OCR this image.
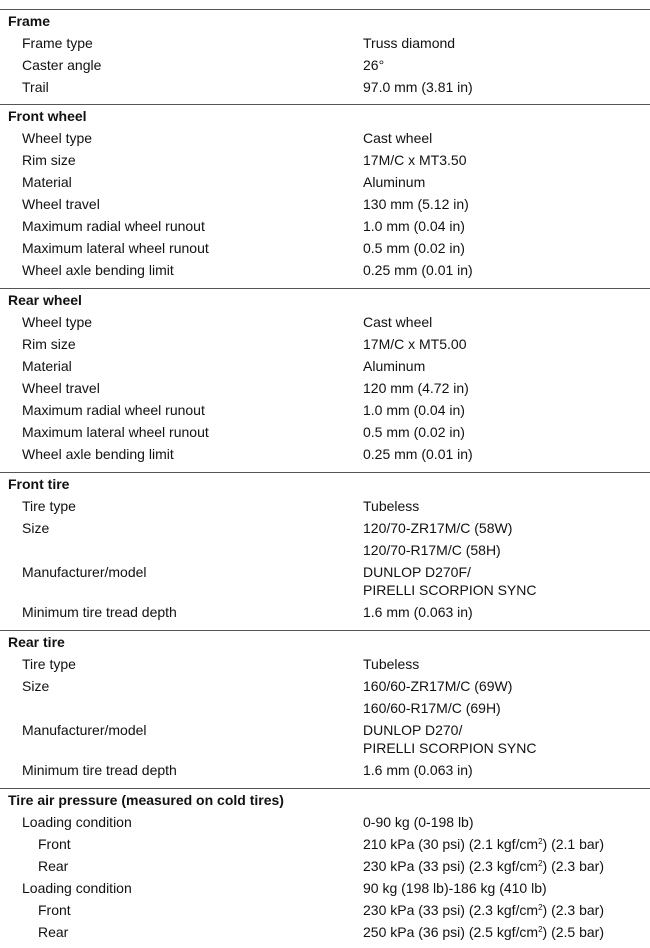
Frame
Frame type	Truss diamond
Caster angle	26°
Trail	97.0 mm (3.81 in)
Front wheel
Wheel type	Cast wheel
Rim size	17M/C x MT3.50
Material	Aluminum
Wheel travel	130 mm (5.12 in)
Maximum radial wheel runout	1.0 mm (0.04 in)
Maximum lateral wheel runout	0.5 mm (0.02 in)
Wheel axle bending limit	0.25 mm (0.01 in)
Rear wheel
Wheel type	Cast wheel
Rim size	17M/C x MT5.00
Material	Aluminum
Wheel travel	120 mm (4.72 in)
Maximum radial wheel runout	1.0 mm (0.04 in)
Maximum lateral wheel runout	0.5 mm (0.02 in)
Wheel axle bending limit	0.25 mm (0.01 in)
Front tire
Tire type	Tubeless
Size	120/70-ZR17M/C (58W)
120/70-R17M/C (58H)
Manufacturer/model	DUNLOP D270F/
PIRELLI SCORPION SYNC
Minimum tire tread depth	1.6 mm (0.063 in)
Rear tire
Tire type	Tubeless
Size	160/60-ZR17M/C (69W)
160/60-R17M/C (69H)
Manufacturer/model	DUNLOP D270/
PIRELLI SCORPION SYNC
Minimum tire tread depth	1.6 mm (0.063 in)
Tire air pressure (measured on cold tires)
Loading condition	0-90 kg (0-198 lb)
Front	210 kPa (30 psi) (2.1 kgf/$cm^2$) (2.1 bar)
Rear	230 kPa (33 psi) (2.3 kgf/$cm^2$) (2.3 bar)
Loading condition	90 kg (198 lb)-186 kg (410 lb)
Front	230 kPa (33 psi) (2.3 kgf/$cm^2$) (2.3 bar)
Rear	250 kPa (36 psi) (2.5 kgf/$cm^2$) (2.5 bar)
